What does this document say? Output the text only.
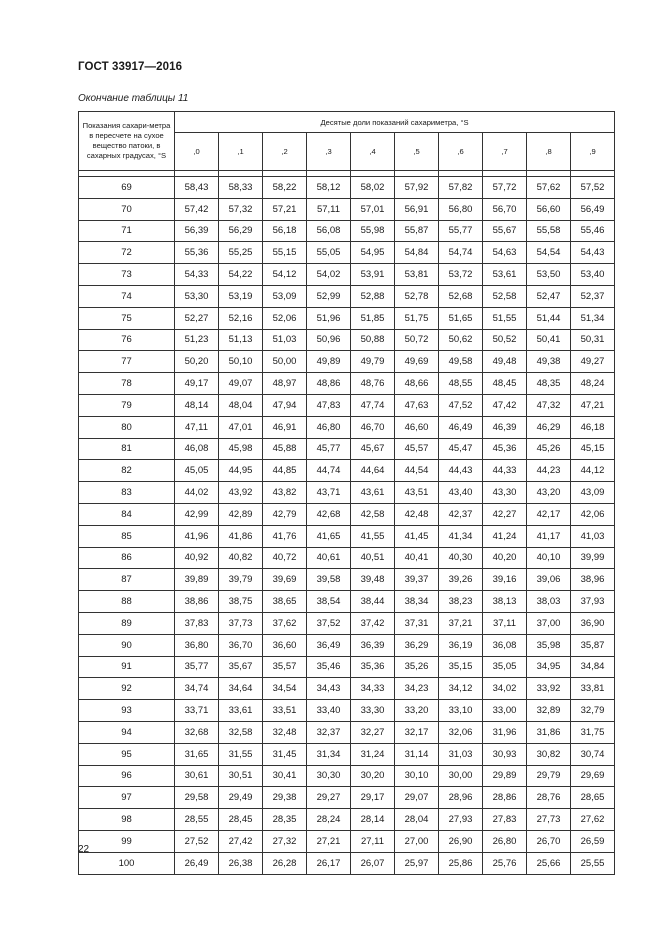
ГОСТ 33917—2016
Окончание таблицы 11
Показания сахари-метра в пересчете на сухое вещество патоки, в сахарных градусах, °S	Десятые доли показаний сахариметра, °S									
	,0	,1	,2	,3	,4	,5	,6	,7	,8	,9

69	58,43	58,33	58,22	58,12	58,02	57,92	57,82	57,72	57,62	57,52
70	57,42	57,32	57,21	57,11	57,01	56,91	56,80	56,70	56,60	56,49
71	56,39	56,29	56,18	56,08	55,98	55,87	55,77	55,67	55,58	55,46
72	55,36	55,25	55,15	55,05	54,95	54,84	54,74	54,63	54,54	54,43
73	54,33	54,22	54,12	54,02	53,91	53,81	53,72	53,61	53,50	53,40
74	53,30	53,19	53,09	52,99	52,88	52,78	52,68	52,58	52,47	52,37
75	52,27	52,16	52,06	51,96	51,85	51,75	51,65	51,55	51,44	51,34
76	51,23	51,13	51,03	50,96	50,88	50,72	50,62	50,52	50,41	50,31
77	50,20	50,10	50,00	49,89	49,79	49,69	49,58	49,48	49,38	49,27
78	49,17	49,07	48,97	48,86	48,76	48,66	48,55	48,45	48,35	48,24
79	48,14	48,04	47,94	47,83	47,74	47,63	47,52	47,42	47,32	47,21
80	47,11	47,01	46,91	46,80	46,70	46,60	46,49	46,39	46,29	46,18
81	46,08	45,98	45,88	45,77	45,67	45,57	45,47	45,36	45,26	45,15
82	45,05	44,95	44,85	44,74	44,64	44,54	44,43	44,33	44,23	44,12
83	44,02	43,92	43,82	43,71	43,61	43,51	43,40	43,30	43,20	43,09
84	42,99	42,89	42,79	42,68	42,58	42,48	42,37	42,27	42,17	42,06
85	41,96	41,86	41,76	41,65	41,55	41,45	41,34	41,24	41,17	41,03
86	40,92	40,82	40,72	40,61	40,51	40,41	40,30	40,20	40,10	39,99
87	39,89	39,79	39,69	39,58	39,48	39,37	39,26	39,16	39,06	38,96
88	38,86	38,75	38,65	38,54	38,44	38,34	38,23	38,13	38,03	37,93
89	37,83	37,73	37,62	37,52	37,42	37,31	37,21	37,11	37,00	36,90
90	36,80	36,70	36,60	36,49	36,39	36,29	36,19	36,08	35,98	35,87
91	35,77	35,67	35,57	35,46	35,36	35,26	35,15	35,05	34,95	34,84
92	34,74	34,64	34,54	34,43	34,33	34,23	34,12	34,02	33,92	33,81
93	33,71	33,61	33,51	33,40	33,30	33,20	33,10	33,00	32,89	32,79
94	32,68	32,58	32,48	32,37	32,27	32,17	32,06	31,96	31,86	31,75
95	31,65	31,55	31,45	31,34	31,24	31,14	31,03	30,93	30,82	30,74
96	30,61	30,51	30,41	30,30	30,20	30,10	30,00	29,89	29,79	29,69
97	29,58	29,49	29,38	29,27	29,17	29,07	28,96	28,86	28,76	28,65
98	28,55	28,45	28,35	28,24	28,14	28,04	27,93	27,83	27,73	27,62
99	27,52	27,42	27,32	27,21	27,11	27,00	26,90	26,80	26,70	26,59
100	26,49	26,38	26,28	26,17	26,07	25,97	25,86	25,76	25,66	25,55
22
